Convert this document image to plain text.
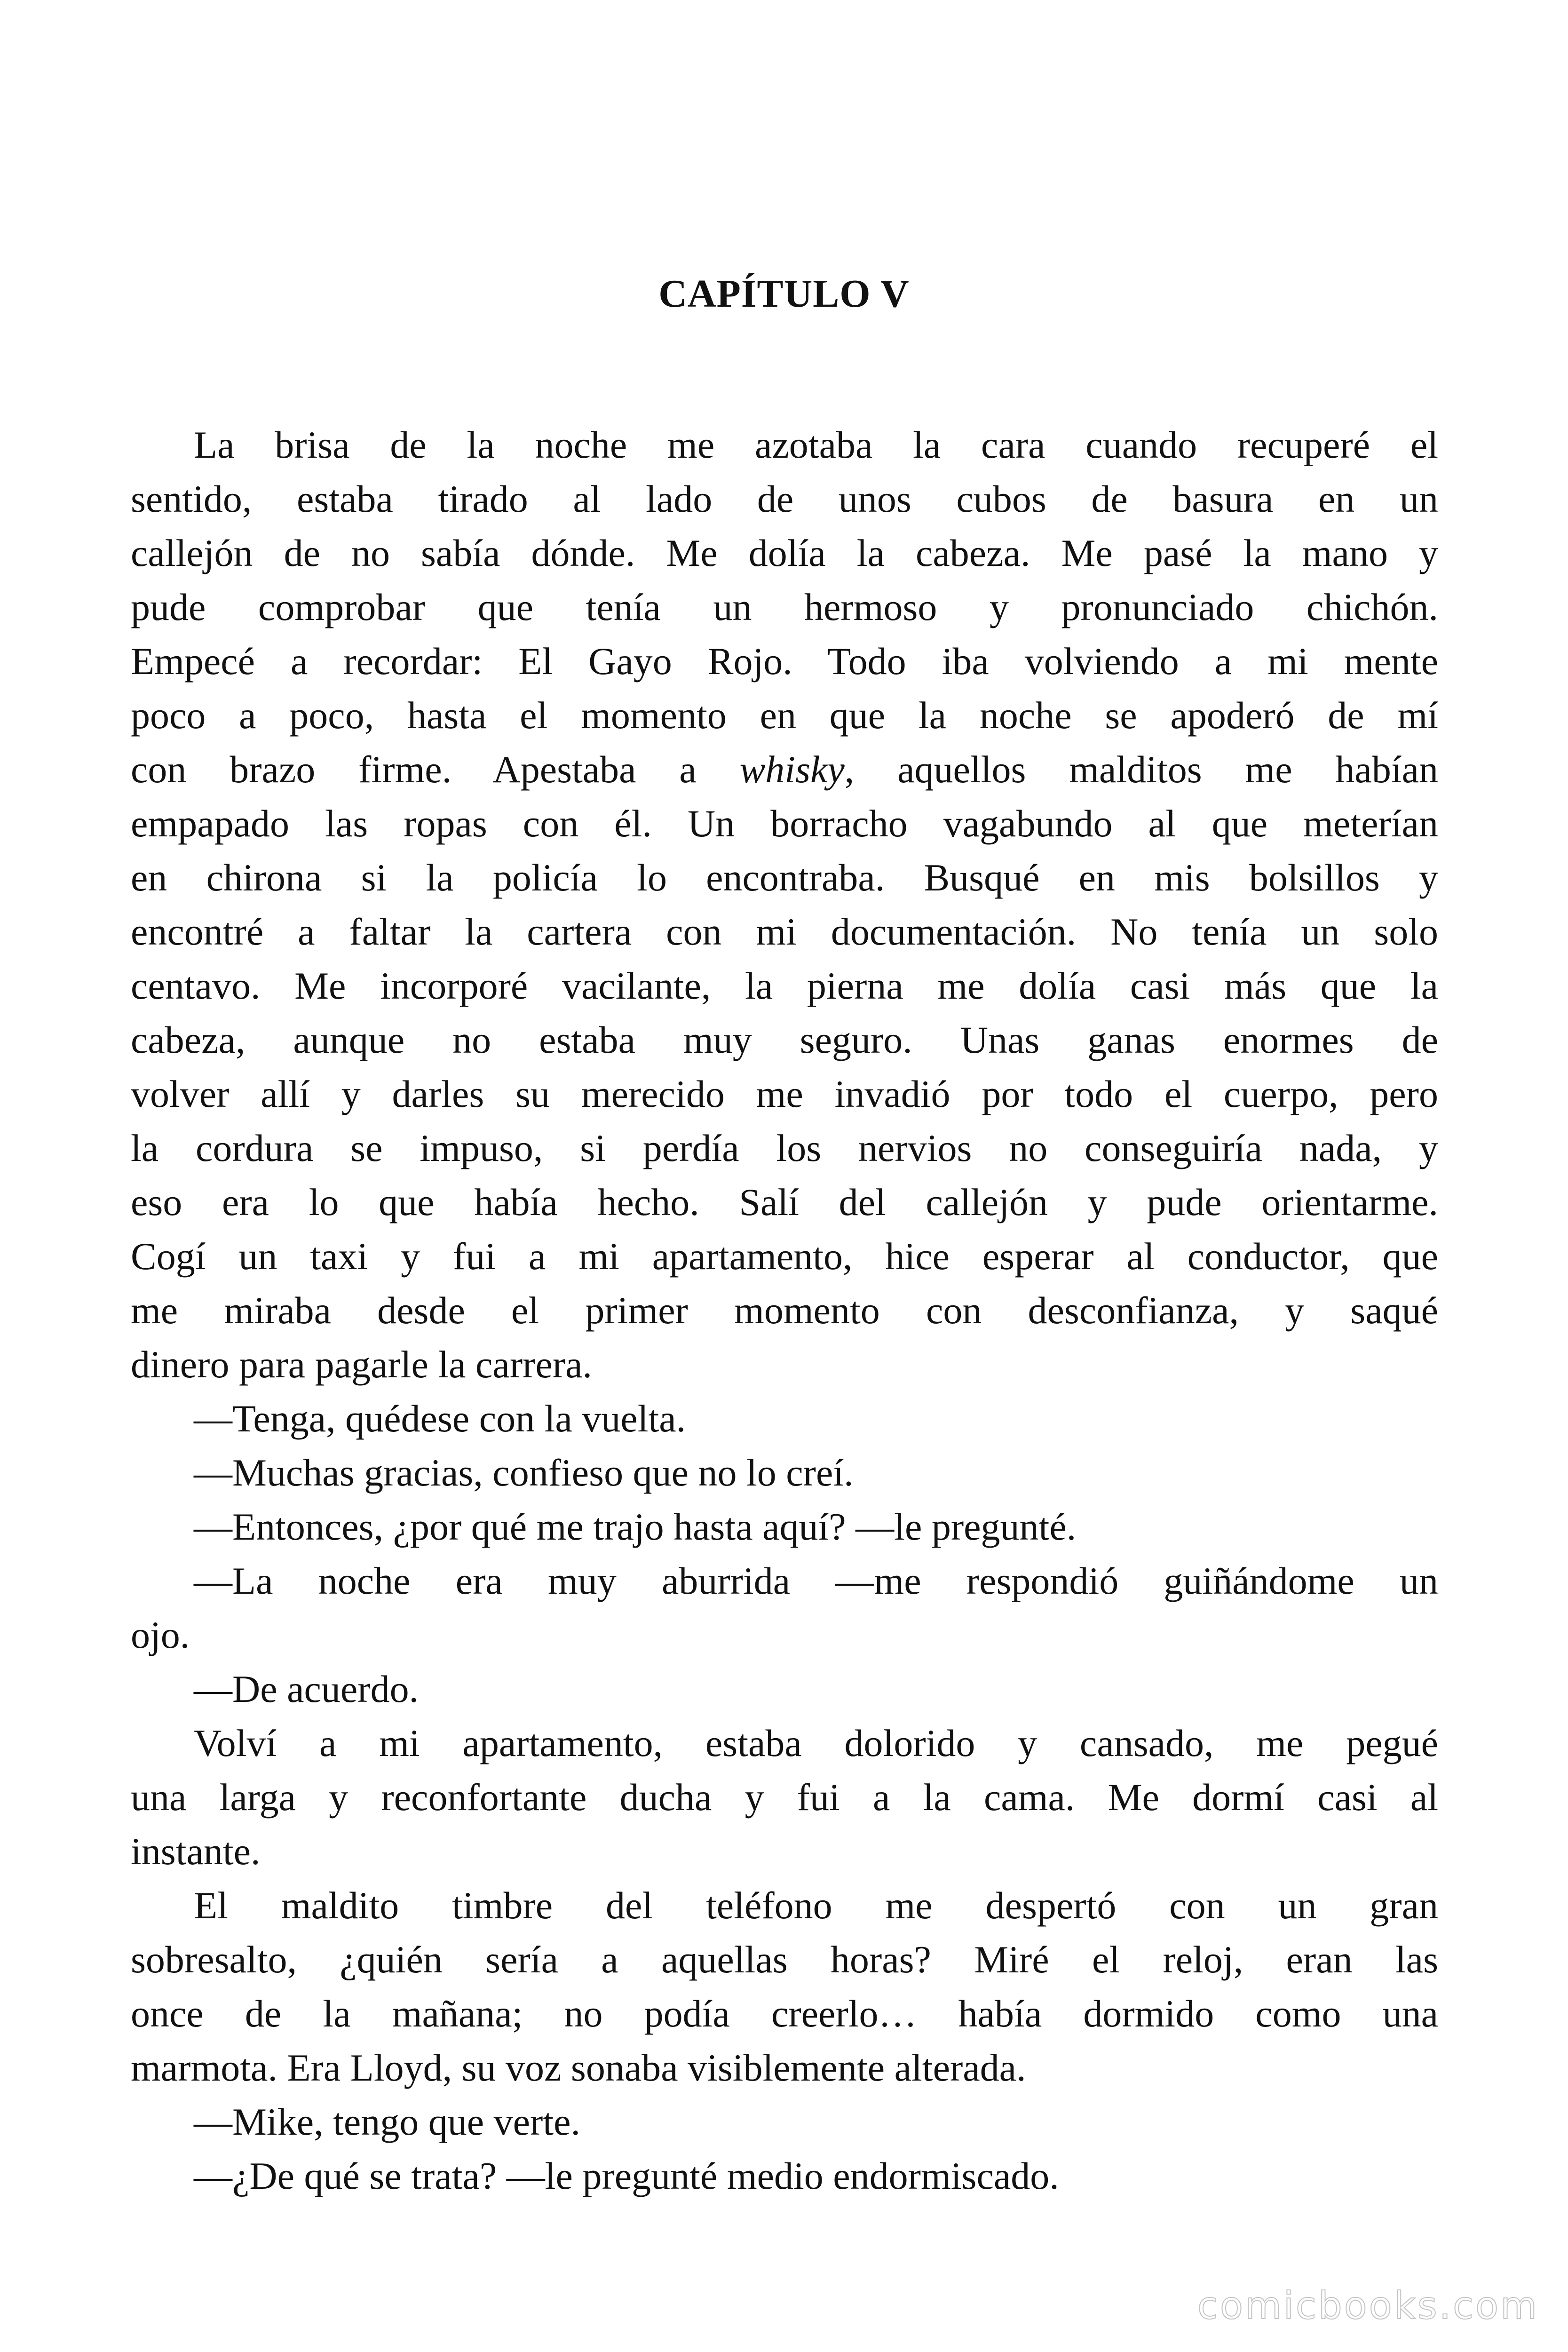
CAPÍTULO V
La brisa de la noche me azotaba la cara cuando recuperé el
sentido, estaba tirado al lado de unos cubos de basura en un
callejón de no sabía dónde. Me dolía la cabeza. Me pasé la mano y
pude comprobar que tenía un hermoso y pronunciado chichón.
Empecé a recordar: El Gayo Rojo. Todo iba volviendo a mi mente
poco a poco, hasta el momento en que la noche se apoderó de mí
con brazo firme. Apestaba a whisky, aquellos malditos me habían
empapado las ropas con él. Un borracho vagabundo al que meterían
en chirona si la policía lo encontraba. Busqué en mis bolsillos y
encontré a faltar la cartera con mi documentación. No tenía un solo
centavo. Me incorporé vacilante, la pierna me dolía casi más que la
cabeza, aunque no estaba muy seguro. Unas ganas enormes de
volver allí y darles su merecido me invadió por todo el cuerpo, pero
la cordura se impuso, si perdía los nervios no conseguiría nada, y
eso era lo que había hecho. Salí del callejón y pude orientarme.
Cogí un taxi y fui a mi apartamento, hice esperar al conductor, que
me miraba desde el primer momento con desconfianza, y saqué
dinero para pagarle la carrera.
—Tenga, quédese con la vuelta.
—Muchas gracias, confieso que no lo creí.
—Entonces, ¿por qué me trajo hasta aquí? —le pregunté.
—La noche era muy aburrida —me respondió guiñándome un
ojo.
—De acuerdo.
Volví a mi apartamento, estaba dolorido y cansado, me pegué
una larga y reconfortante ducha y fui a la cama. Me dormí casi al
instante.
El maldito timbre del teléfono me despertó con un gran
sobresalto, ¿quién sería a aquellas horas? Miré el reloj, eran las
once de la mañana; no podía creerlo… había dormido como una
marmota. Era Lloyd, su voz sonaba visiblemente alterada.
—Mike, tengo que verte.
—¿De qué se trata? —le pregunté medio endormiscado.
comicbooks.com
